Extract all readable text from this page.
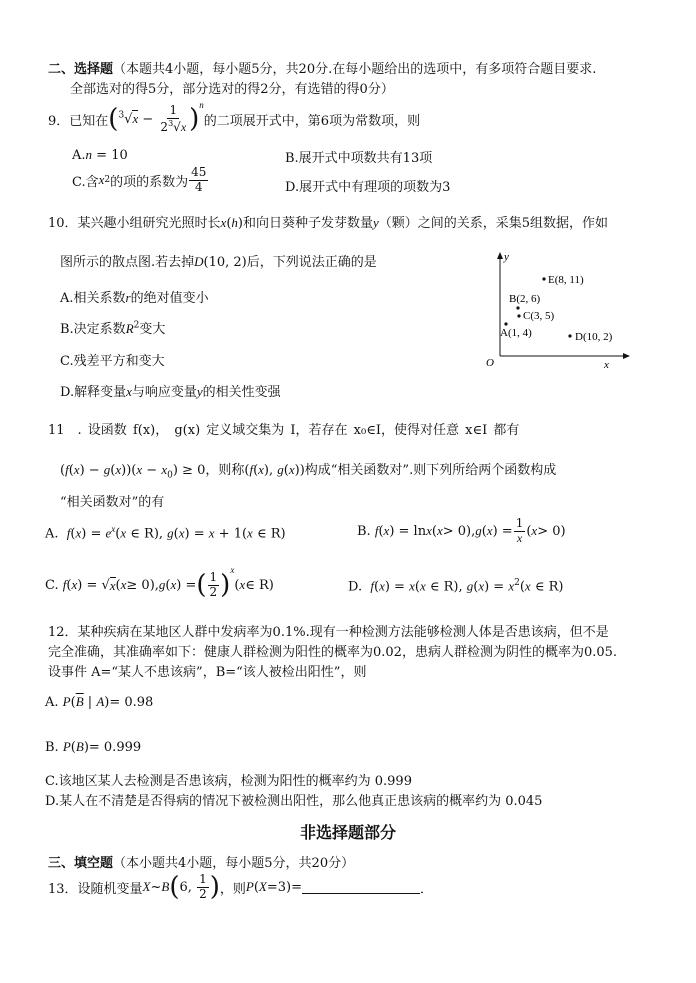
二、选择题（本题共4小题，每小题5分，共20分.在每小题给出的选项中，有多项符合题目要求.
全部选对的得5分，部分选对的得2分，有选错的得0分）
9．已知在 ( $^3√x - \frac{1}{2^3√x}$ ) $^n$
的二项展开式中，第6项为常数项，则
A.n = 10	B.展开式中项数共有13项
C.含 x 2 的项的系数为 $\frac{45}{4}$	D.展开式中有理项的项数为3
10．某兴趣小组研究光照时长x(h)和向日葵种子发芽数量y（颗）之间的关系，采集5组数据，作如
图所示的散点图.若去掉D(10, 2)后，下列说法正确的是
A.相关系数r的绝对值变小
B.决定系数$R^2$变大
C.残差平方和变大
D.解释变量x与响应变量y的相关性变强
y
x
O
E(8, 11)
B(2, 6)
C(3, 5)
A(1, 4)	D(10, 2)
11　. 设函数 f(x)， g(x) 定义域交集为 I，若存在 x₀∈I，使得对任意 x∈I 都有
$(f(x) - g(x))(x - x_0) \ge 0$，则称(f(x), g(x))构成“相关函数对”.则下列所给两个函数构成
“相关函数对”的有
A. $f(x) = e^x(x$ ∈ R), g(x) = x + 1(x ∈ R)	B.
f ( x ) = ln x ( x > 0), g ( x ) = $\frac{1}{x}$ ( x > 0)
C.
f ( x ) = √ x ( x ≥ 0), g ( x ) = ( $\frac{1}{2}$ ) $^x$
( x ∈ R)	D. f(x) = x(x ∈ R), $g(x) = x^2(x$ ∈ R)
12．某种疾病在某地区人群中发病率为0.1%.现有一种检测方法能够检测人体是否患该病，但不是
完全准确，其准确率如下：健康人群检测为阳性的概率为0.02，患病人群检测为阴性的概率为0.05.
设事件 A=“某人不患该病”，B=“该人被检出阳性”，则
A. $P(\overline{B}$ | A)= 0.98
B. P(B)= 0.999
C.该地区某人去检测是否患该病，检测为阳性的概率约为 0.999
D.某人在不清楚是否得病的情况下被检测出阳性，那么他真正患该病的概率约为 0.045
非选择题部分
三、填空题（本小题共4小题，每小题5分，共20分）
13．设随机变量 X ~ B ( 6, $\frac{1}{2}$ ) ，则 P ( X =3)=	．
